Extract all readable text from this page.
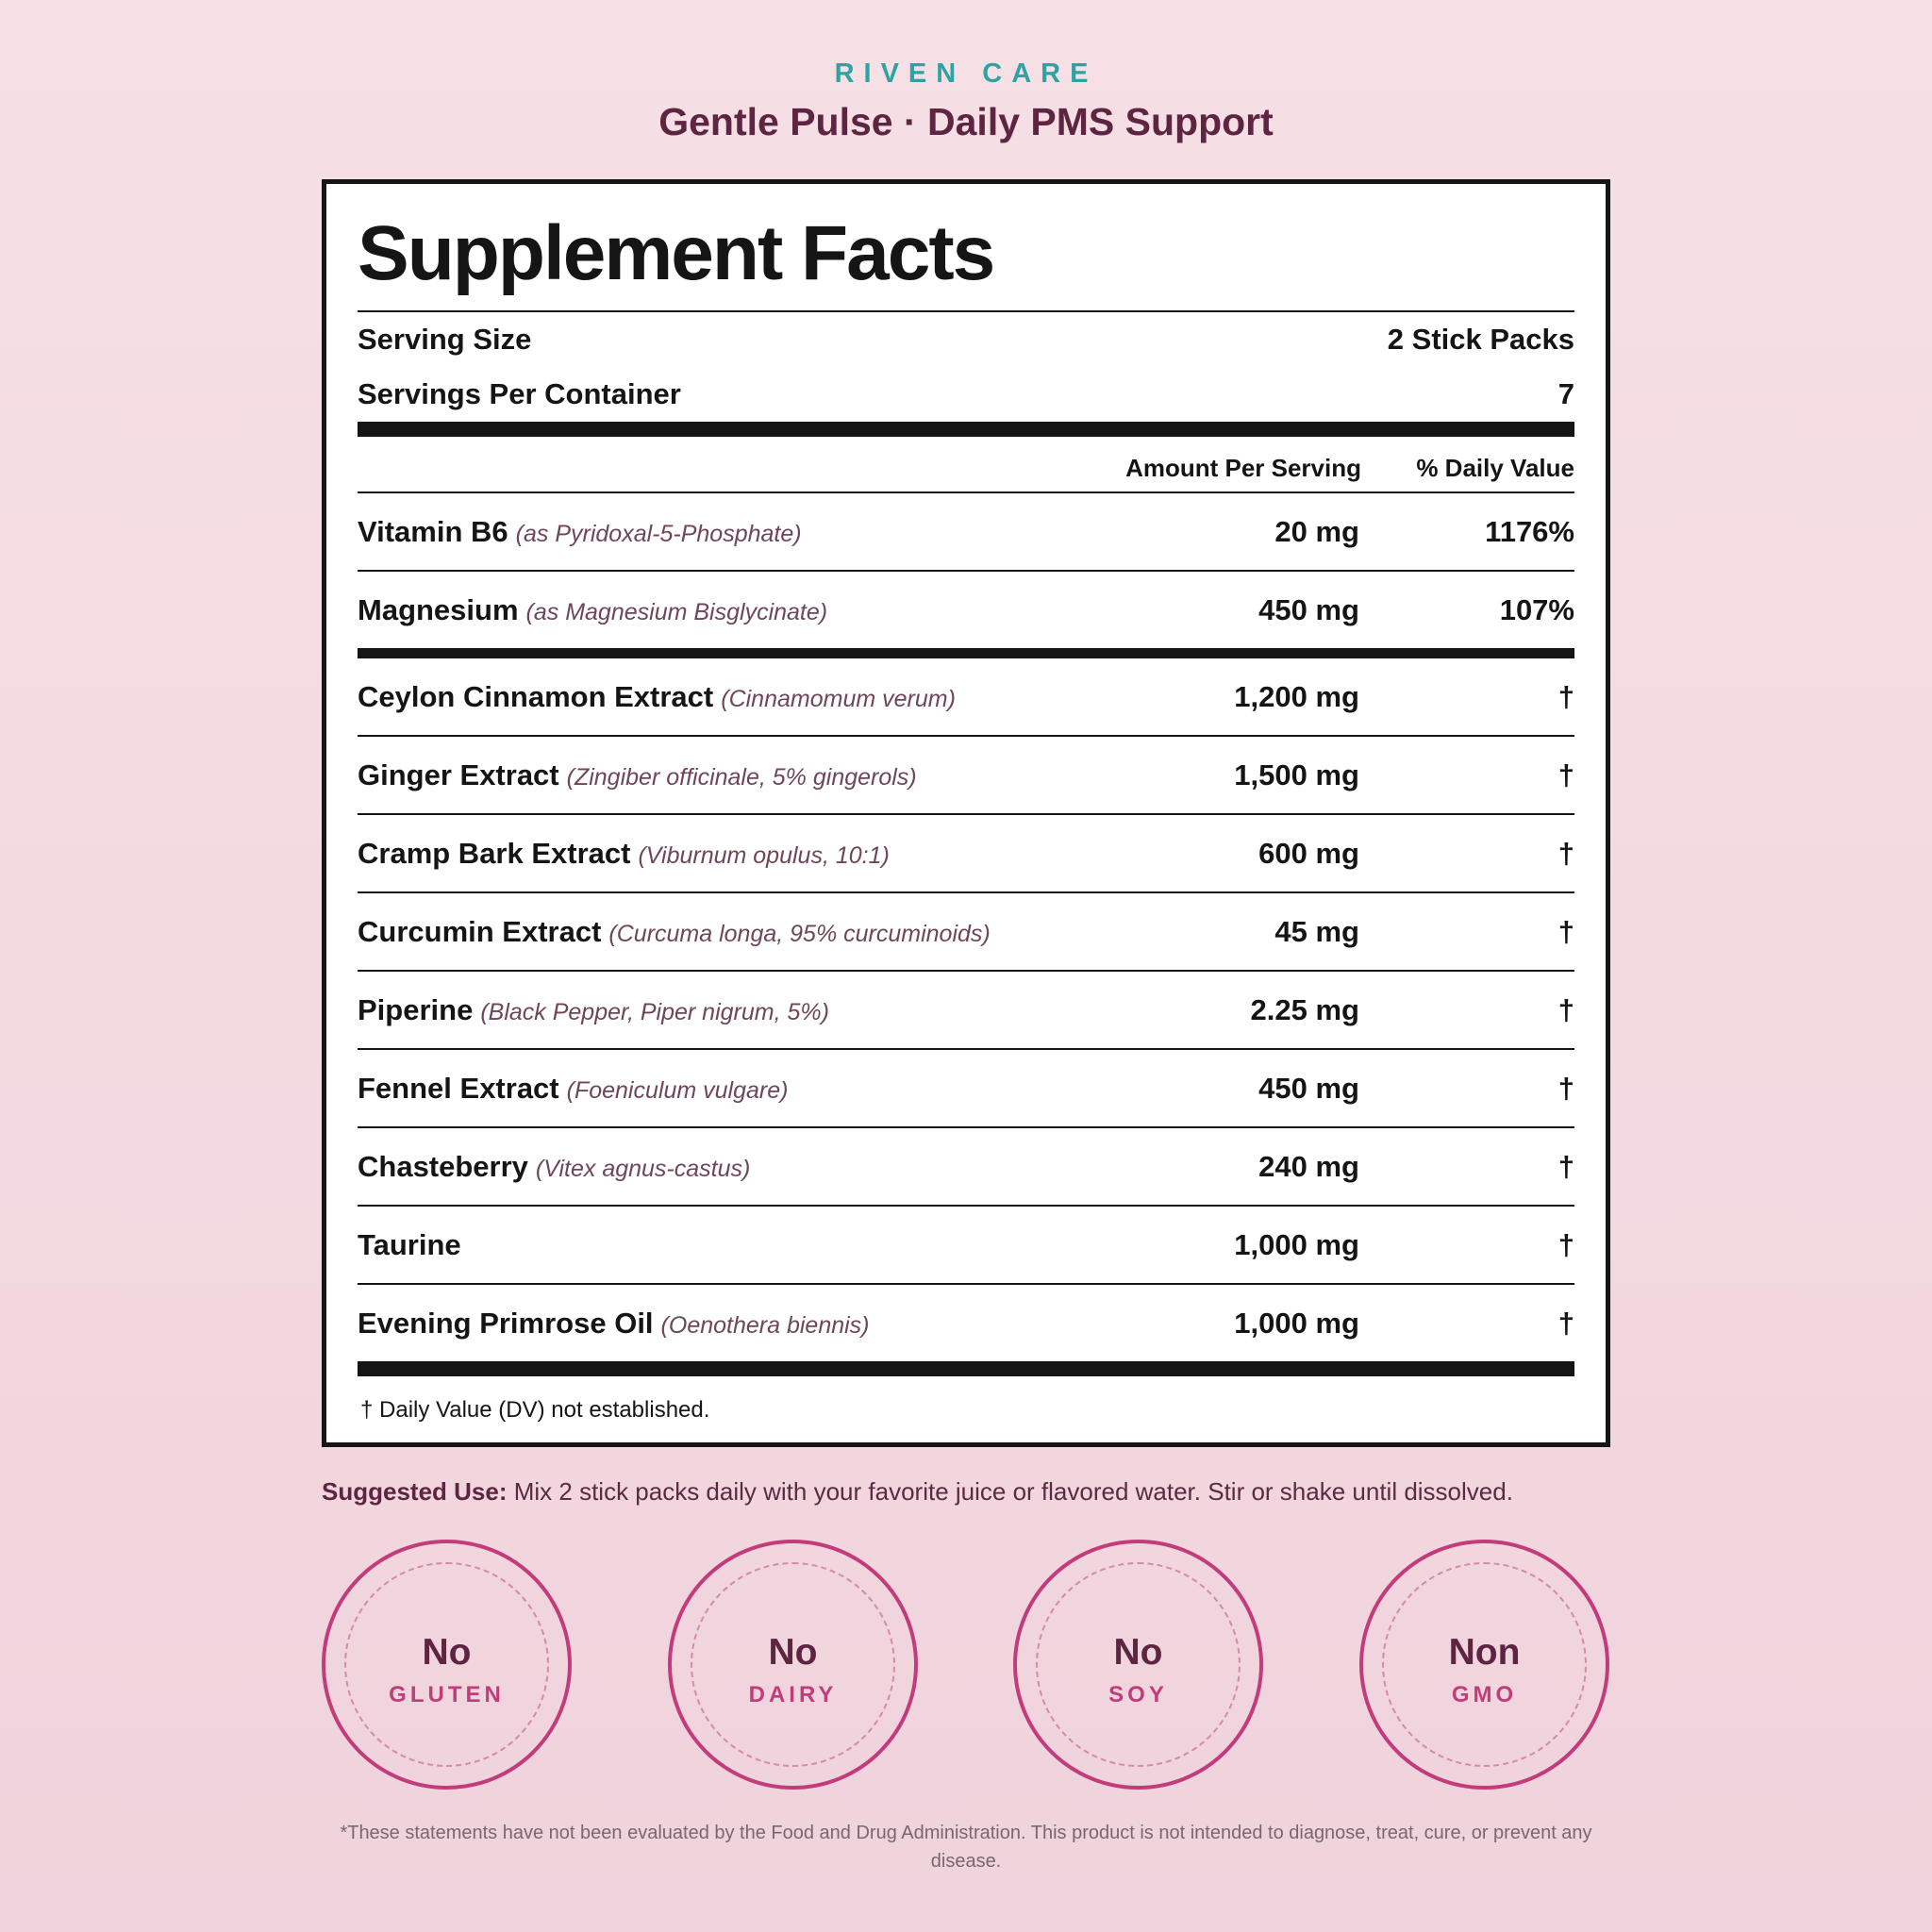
RIVEN CARE
Gentle Pulse · Daily PMS Support
Supplement Facts
Serving Size	2 Stick Packs
Servings Per Container	7
Amount Per Serving	% Daily Value
Vitamin B6 (as Pyridoxal-5-Phosphate)	20 mg	1176%
Magnesium (as Magnesium Bisglycinate)	450 mg	107%
Ceylon Cinnamon Extract (Cinnamomum verum)	1,200 mg	†
Ginger Extract (Zingiber officinale, 5% gingerols)	1,500 mg	†
Cramp Bark Extract (Viburnum opulus, 10:1)	600 mg	†
Curcumin Extract (Curcuma longa, 95% curcuminoids)	45 mg	†
Piperine (Black Pepper, Piper nigrum, 5%)	2.25 mg	†
Fennel Extract (Foeniculum vulgare)	450 mg	†
Chasteberry (Vitex agnus-castus)	240 mg	†
Taurine	1,000 mg	†
Evening Primrose Oil (Oenothera biennis)	1,000 mg	†
† Daily Value (DV) not established.
Suggested Use: Mix 2 stick packs daily with your favorite juice or flavored water. Stir or shake until dissolved.
No
GLUTEN
No
DAIRY
No
SOY
Non
GMO
*These statements have not been evaluated by the Food and Drug Administration. This product is not intended to diagnose, treat, cure, or prevent any disease.
